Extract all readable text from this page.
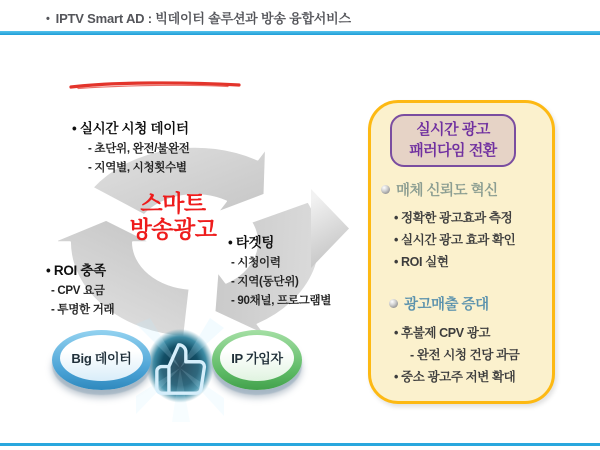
• IPTV Smart AD : 빅데이터 솔루션과 방송 융합서비스
스마트
방송광고
• 실시간 시청 데이터
- 초단위, 완전/불완전
- 지역별, 시청횟수별
• 타겟팅
- 시청이력
- 지역(동단위)
- 90채널, 프로그램별
• ROI 충족
- CPV 요금
- 투명한 거래
Big 데이터	IP 가입자
실시간 광고
패러다임 전환
매체 신뢰도 혁신
• 정확한 광고효과 측정
• 실시간 광고 효과 확인
• ROI 실현
광고매출 증대
• 후불제 CPV 광고
- 완전 시청 건당 과금
• 중소 광고주 저변 확대
